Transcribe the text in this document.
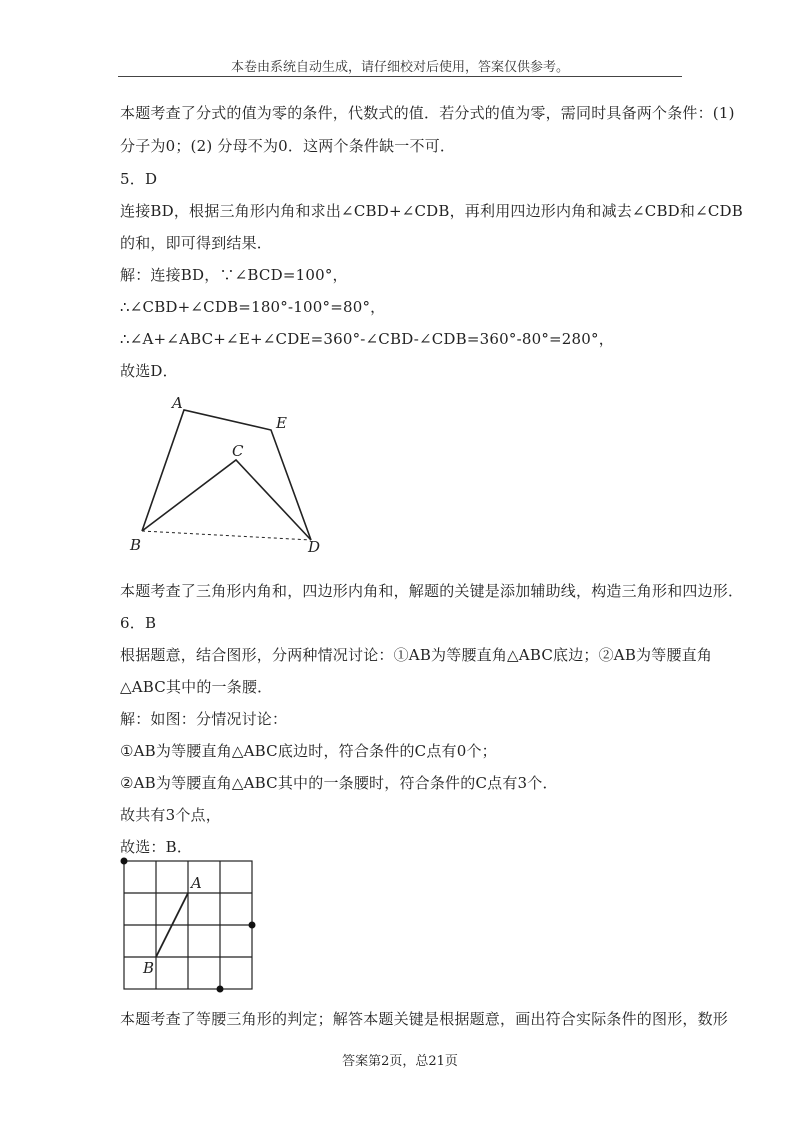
本卷由系统自动生成，请仔细校对后使用，答案仅供参考。
本题考查了分式的值为零的条件，代数式的值．若分式的值为零，需同时具备两个条件：(1)
分子为0；(2) 分母不为0．这两个条件缺一不可．
5．D
连接BD，根据三角形内角和求出∠CBD+∠CDB，再利用四边形内角和减去∠CBD和∠CDB
的和，即可得到结果．
解：连接BD，∵∠BCD=100°，
∴∠CBD+∠CDB=180°-100°=80°，
∴∠A+∠ABC+∠E+∠CDE=360°-∠CBD-∠CDB=360°-80°=280°，
故选D．
A
E
C
B	D
本题考查了三角形内角和，四边形内角和，解题的关键是添加辅助线，构造三角形和四边形．
6．B
根据题意，结合图形，分两种情况讨论：①AB为等腰直角△ABC底边；②AB为等腰直角
△ABC其中的一条腰．
解：如图：分情况讨论：
①AB为等腰直角△ABC底边时，符合条件的C点有0个；
②AB为等腰直角△ABC其中的一条腰时，符合条件的C点有3个．
故共有3个点，
故选：B．
A
B
本题考查了等腰三角形的判定；解答本题关键是根据题意，画出符合实际条件的图形，数形
答案第2页，总21页
